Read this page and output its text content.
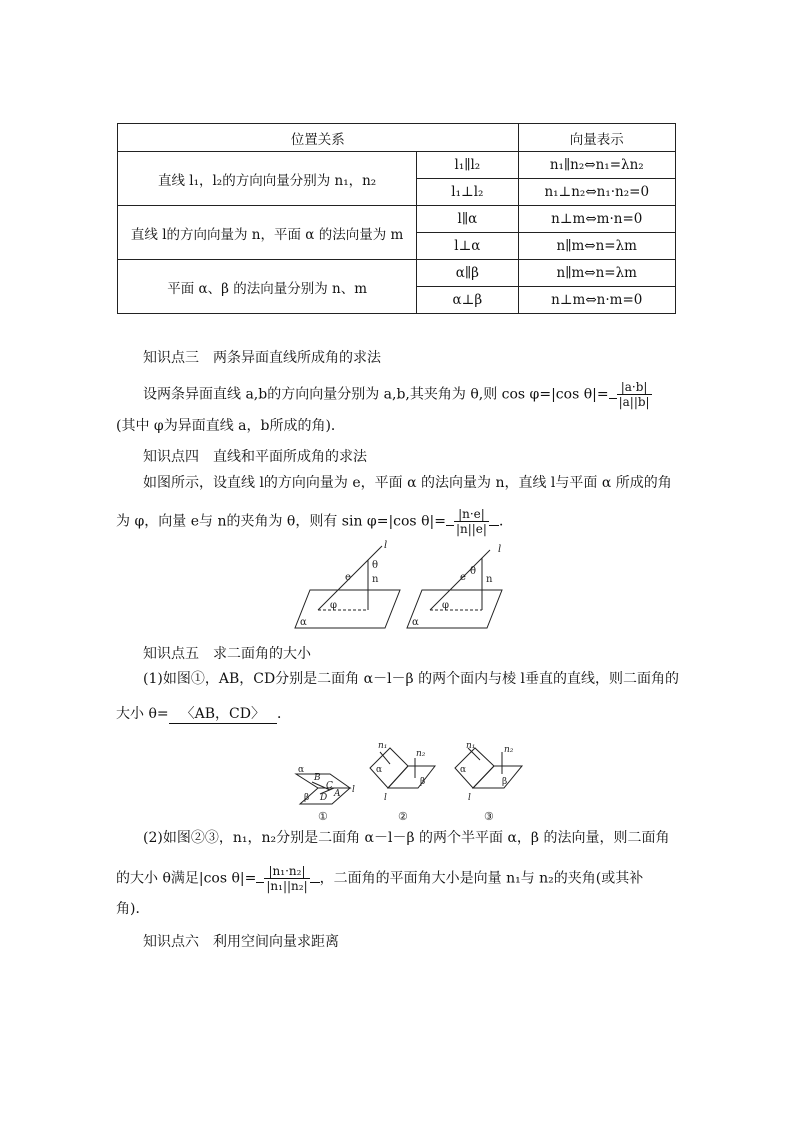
位置关系		向量表示
直线 l₁，l₂的方向向量分别为 n₁，n₂	l₁∥l₂	n₁∥n₂⇔n₁=λn₂
	l₁⊥l₂	n₁⊥n₂⇔n₁·n₂=0
直线 l的方向向量为 n，平面 α 的法向量为 m	l∥α	n⊥m⇔m·n=0
	l⊥α	n∥m⇔n=λm
平面 α、β 的法向量分别为 n、m	α∥β	n∥m⇔n=λm
	α⊥β	n⊥m⇔n·m=0
知识点三　两条异面直线所成角的求法
设两条异面直线 a,b的方向向量分别为 a,b,其夹角为 θ,则 cos φ=|cos $\theta|= \frac{|a\cdot b|}{|a||b|}$
(其中 φ为异面直线 a，b所成的角)．
知识点四　直线和平面所成角的求法
如图所示，设直线 l的方向向量为 e，平面 α 的法向量为 n，直线 l与平面 α 所成的角
为 φ，向量 e与 n的夹角为 θ，则有 sin φ=|cos $\theta|= \frac{|n\cdot e|}{|n||e|}$ ．
l
θ
e n
φ
α
l
θ
e n
φ
α
知识点五　求二面角的大小
(1)如图①，AB，CD分别是二面角 α－l－β 的两个面内与棱 l垂直的直线，则二面角的
大小 θ= 〈AB，CD〉 ．
α
B
C
A
D
β
l
n₁
n₂
α
β
l
n₁	n₂
α
β
l
①	②	③
(2)如图②③，n₁，n₂分别是二面角 α－l－β 的两个半平面 α，β 的法向量，则二面角
的大小 θ满足|cos $\theta|= \frac{\text{|n₁·n₂|}}{\text{|n₁||n₂|}}$ ，二面角的平面角大小是向量 n₁与 n₂的夹角(或其补
角)．
知识点六　利用空间向量求距离
